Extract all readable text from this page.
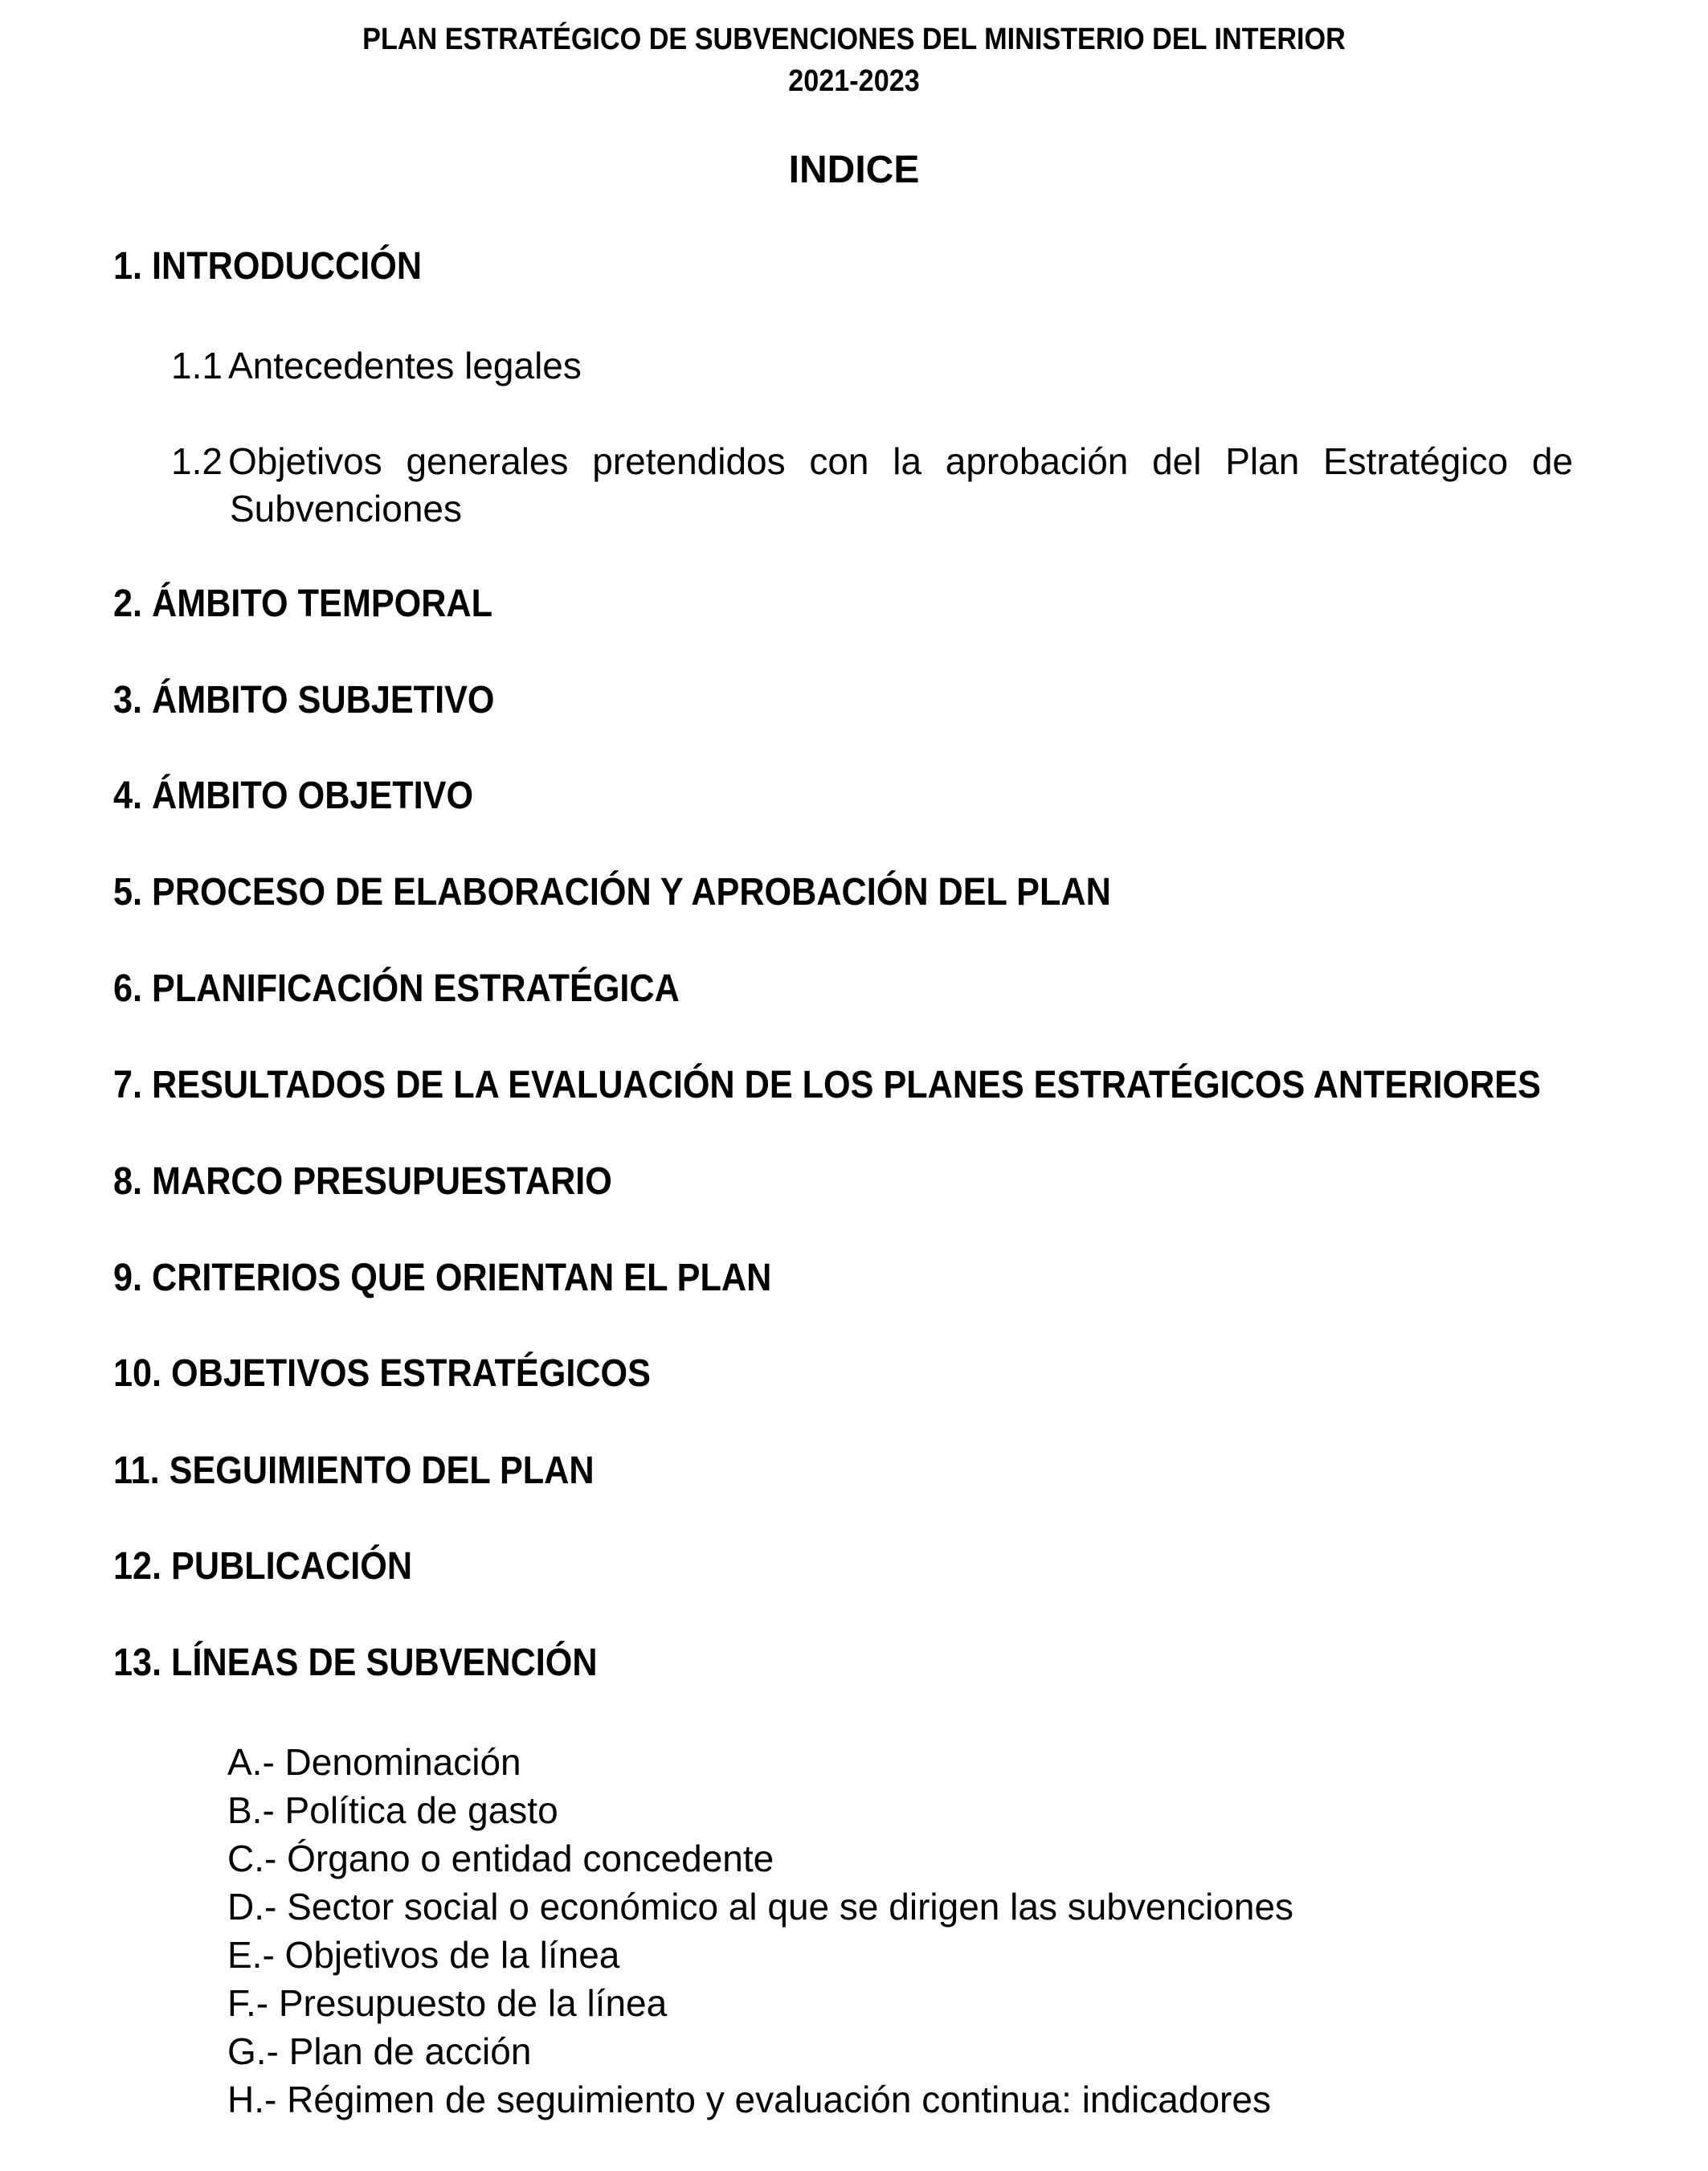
PLAN ESTRATÉGICO DE SUBVENCIONES DEL MINISTERIO DEL INTERIOR
2021-2023
INDICE
1. INTRODUCCIÓN
1.1 Antecedentes legales
1.2 Objetivos generales pretendidos con la aprobación del Plan Estratégico de
Subvenciones
2. ÁMBITO TEMPORAL
3. ÁMBITO SUBJETIVO
4. ÁMBITO OBJETIVO
5. PROCESO DE ELABORACIÓN Y APROBACIÓN DEL PLAN
6. PLANIFICACIÓN ESTRATÉGICA
7. RESULTADOS DE LA EVALUACIÓN DE LOS PLANES ESTRATÉGICOS ANTERIORES
8. MARCO PRESUPUESTARIO
9. CRITERIOS QUE ORIENTAN EL PLAN
10. OBJETIVOS ESTRATÉGICOS
11. SEGUIMIENTO DEL PLAN
12. PUBLICACIÓN
13. LÍNEAS DE SUBVENCIÓN
A.- Denominación
B.- Política de gasto
C.- Órgano o entidad concedente
D.- Sector social o económico al que se dirigen las subvenciones
E.- Objetivos de la línea
F.- Presupuesto de la línea
G.- Plan de acción
H.- Régimen de seguimiento y evaluación continua: indicadores
